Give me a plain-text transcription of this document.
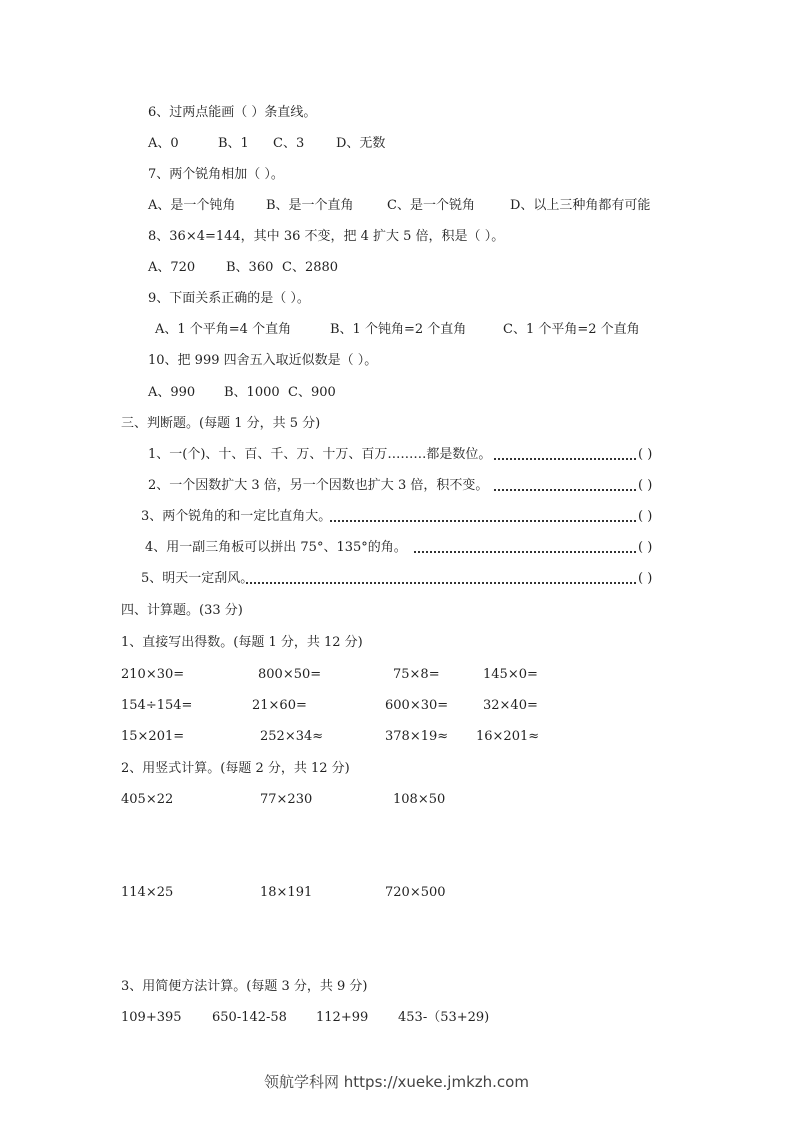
6、过两点能画（ ）条直线。
A、0	B、1 C、3 D、无数
7、两个锐角相加（ ）。
A、是一个钝角 B、是一个直角	C、是一个锐角	D、以上三种角都有可能
8、36×4=144，其中 36 不变，把 4 扩大 5 倍，积是（ ）。
A、720 B、360 C、2880
9、下面关系正确的是（ ）。
A、1 个平角=4 个直角	B、1 个钝角=2 个直角	C、1 个平角=2 个直角
10、把 999 四舍五入取近似数是（ ）。
A、990 B、1000 C、900
三、判断题。(每题 1 分，共 5 分)
1、一(个)、十、百、千、万、十万、百万………都是数位。	( )
2、一个因数扩大 3 倍，另一个因数也扩大 3 倍，积不变。	( )
3、两个锐角的和一定比直角大。	( )
4、用一副三角板可以拼出 75°、135°的角。	( )
5、明天一定刮风。	( )
四、计算题。(33 分)
1、直接写出得数。(每题 1 分，共 12 分)
210×30=	800×50=	75×8=	145×0=
154÷154=	21×60=	600×30=	32×40=
15×201=	252×34≈	378×19≈ 16×201≈
2、用竖式计算。(每题 2 分，共 12 分)
405×22	77×230	108×50
114×25	18×191	720×500
3、用简便方法计算。(每题 3 分，共 9 分)
109+395 650-142-58 112+99 453-（53+29)
领航学科网 https://xueke.jmkzh.com
